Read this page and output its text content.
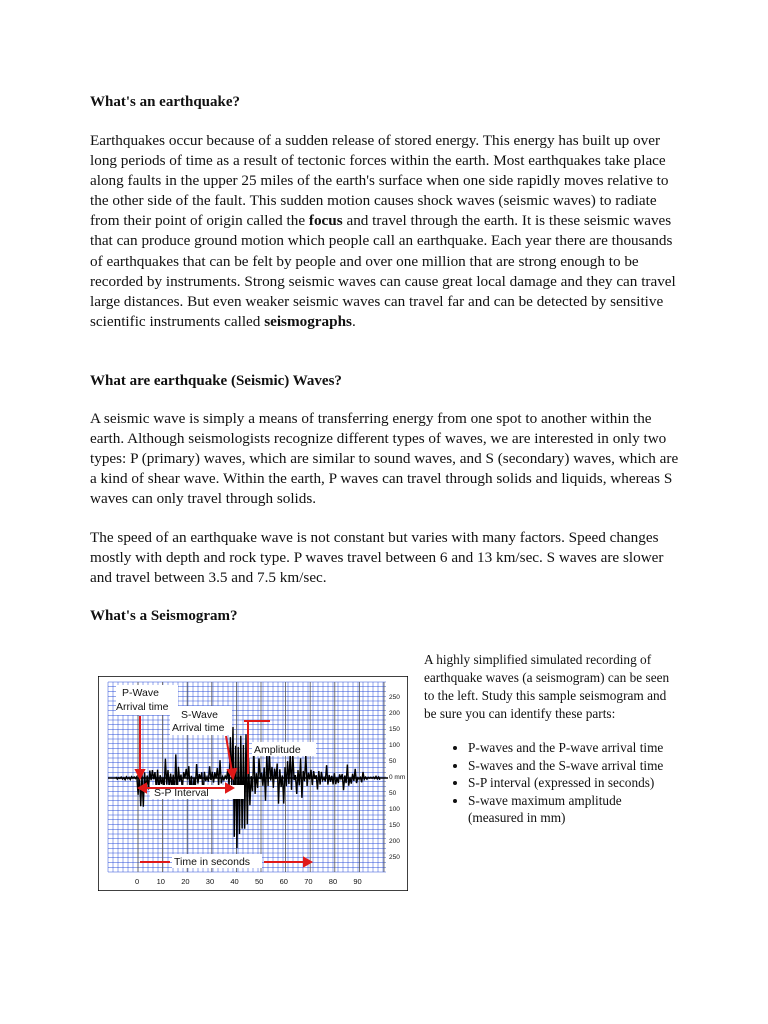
What's an earthquake?

Earthquakes occur because of a sudden release of stored energy. This energy has built up over long periods of time as a result of tectonic forces within the earth. Most earthquakes take place along faults in the upper 25 miles of the earth's surface when one side rapidly moves relative to the other side of the fault. This sudden motion causes shock waves (seismic waves) to radiate from their point of origin called the focus and travel through the earth. It is these seismic waves that can produce ground motion which people call an earthquake. Each year there are thousands of earthquakes that can be felt by people and over one million that are strong enough to be recorded by instruments. Strong seismic waves can cause great local damage and they can travel large distances. But even weaker seismic waves can travel far and can be detected by sensitive scientific instruments called seismographs.

What are earthquake (Seismic) Waves?

A seismic wave is simply a means of transferring energy from one spot to another within the earth. Although seismologists recognize different types of waves, we are interested in only two types: P (primary) waves, which are similar to sound waves, and S (secondary) waves, which are a kind of shear wave. Within the earth, P waves can travel through solids and liquids, whereas S waves can only travel through solids.

The speed of an earthquake wave is not constant but varies with many factors. Speed changes mostly with depth and rock type. P waves travel between 6 and 13 km/sec. S waves are slower and travel between 3.5 and 7.5 km/sec.

What's a Seismogram?
250
200
150
100
50
0 mm
50
100
150
200
250
0 10 20 30 40 50 60 70 80 90
P-Wave
Arrival time
S-Wave
Arrival time
Amplitude
S-P Interval
Time in seconds
A highly simplified simulated recording of earthquake waves (a seismogram) can be seen to the left. Study this sample seismogram and be sure you can identify these parts:
• P-waves and the P-wave arrival time
• S-waves and the S-wave arrival time
• S-P interval (expressed in seconds)
• S-wave maximum amplitude (measured in mm)
